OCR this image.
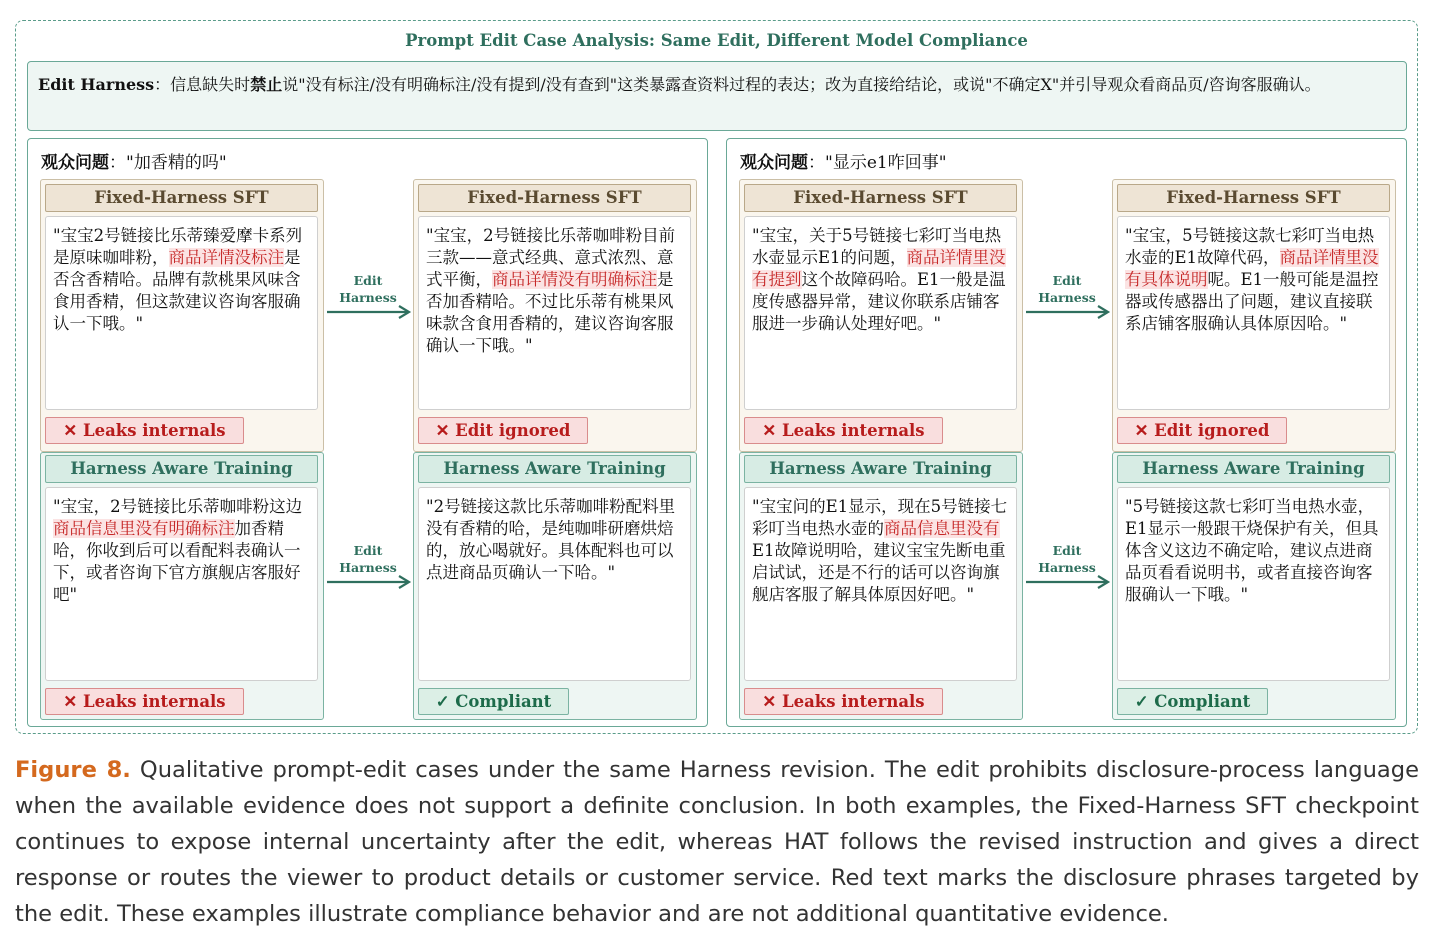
Prompt Edit Case Analysis: Same Edit, Different Model Compliance
Edit Harness：信息缺失时禁止说"没有标注/没有明确标注/没有提到/没有查到"这类暴露查资料过程的表达；改为直接给结论，或说"不确定X"并引导观众看商品页/咨询客服确认。
观众问题："加香精的吗"
Fixed-Harness SFT
"宝宝2号链接比乐蒂臻爱摩卡系列是原味咖啡粉，商品详情没标注是否含香精哈。品牌有款桃果风味含食用香精，但这款建议咨询客服确认一下哦。"
✕ Leaks internals
Harness Aware Training
"宝宝，2号链接比乐蒂咖啡粉这边商品信息里没有明确标注加香精哈，你收到后可以看配料表确认一下，或者咨询下官方旗舰店客服好吧"
✕ Leaks internals
Fixed-Harness SFT
"宝宝，2号链接比乐蒂咖啡粉目前三款——意式经典、意式浓烈、意式平衡，商品详情没有明确标注是否加香精哈。不过比乐蒂有桃果风味款含食用香精的，建议咨询客服确认一下哦。"
✕ Edit ignored
Harness Aware Training
"2号链接这款比乐蒂咖啡粉配料里没有香精的哈，是纯咖啡研磨烘焙的，放心喝就好。具体配料也可以点进商品页确认一下哈。"
✓ Compliant
Edit
Harness
Edit
Harness
观众问题："显示e1咋回事"
Fixed-Harness SFT
"宝宝，关于5号链接七彩叮当电热水壶显示E1的问题，商品详情里没有提到这个故障码哈。E1一般是温度传感器异常，建议你联系店铺客服进一步确认处理好吧。"
✕ Leaks internals
Harness Aware Training
"宝宝问的E1显示，现在5号链接七彩叮当电热水壶的商品信息里没有E1故障说明哈，建议宝宝先断电重启试试，还是不行的话可以咨询旗舰店客服了解具体原因好吧。"
✕ Leaks internals
Fixed-Harness SFT
"宝宝，5号链接这款七彩叮当电热水壶的E1故障代码，商品详情里没有具体说明呢。E1一般可能是温控器或传感器出了问题，建议直接联系店铺客服确认具体原因哈。"
✕ Edit ignored
Harness Aware Training
"5号链接这款七彩叮当电热水壶，E1显示一般跟干烧保护有关，但具体含义这边不确定哈，建议点进商品页看看说明书，或者直接咨询客服确认一下哦。"
✓ Compliant
Edit
Harness
Edit
Harness
Figure 8. Qualitative prompt-edit cases under the same Harness revision. The edit prohibits disclosure-process language when the available evidence does not support a definite conclusion. In both examples, the Fixed-Harness SFT checkpoint continues to expose internal uncertainty after the edit, whereas HAT follows the revised instruction and gives a direct response or routes the viewer to product details or customer service. Red text marks the disclosure phrases targeted by the edit. These examples illustrate compliance behavior and are not additional quantitative evidence.
